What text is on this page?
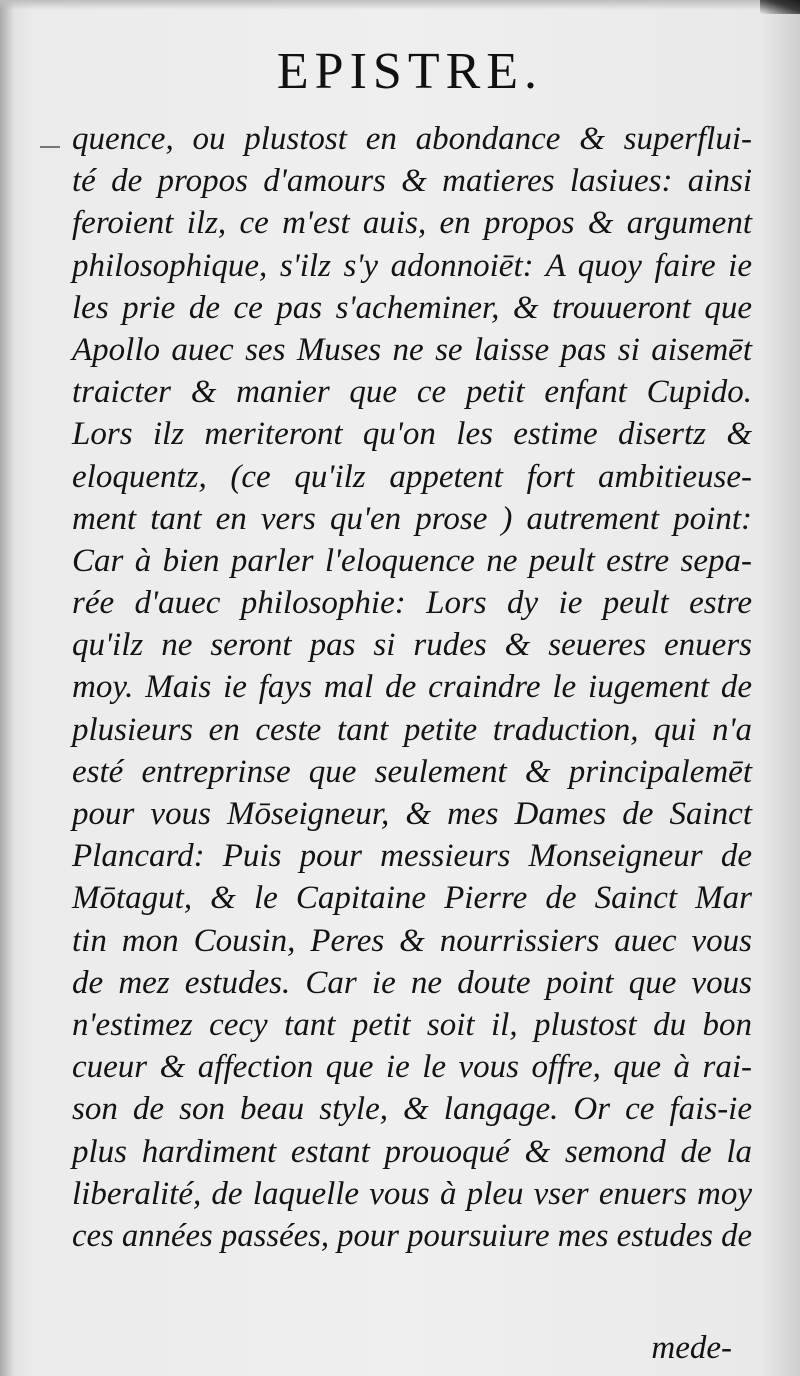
EPISTRE.
quence, ou plustost en abondance & superflui-
té de propos d'amours & matieres lasiues: ainsi
feroient ilz, ce m'est auis, en propos & argument
philosophique, s'ilz s'y adonnoiēt: A quoy faire ie
les prie de ce pas s'acheminer, & trouueront que
Apollo auec ses Muses ne se laisse pas si aisemēt
traicter & manier que ce petit enfant Cupido.
Lors ilz meriteront qu'on les estime disertz &
eloquentz, (ce qu'ilz appetent fort ambitieuse-
ment tant en vers qu'en prose ) autrement point:
Car à bien parler l'eloquence ne peult estre sepa-
rée d'auec philosophie: Lors dy ie peult estre
qu'ilz ne seront pas si rudes & seueres enuers
moy. Mais ie fays mal de craindre le iugement de
plusieurs en ceste tant petite traduction, qui n'a
esté entreprinse que seulement & principalemēt
pour vous Mōseigneur, & mes Dames de Sainct
Plancard: Puis pour messieurs Monseigneur de
Mōtagut, & le Capitaine Pierre de Sainct Mar
tin mon Cousin, Peres & nourrissiers auec vous
de mez estudes. Car ie ne doute point que vous
n'estimez cecy tant petit soit il, plustost du bon
cueur & affection que ie le vous offre, que à rai-
son de son beau style, & langage. Or ce fais-ie
plus hardiment estant prouoqué & semond de la
liberalité, de laquelle vous à pleu vser enuers moy
ces années passées, pour poursuiure mes estudes de
mede-
